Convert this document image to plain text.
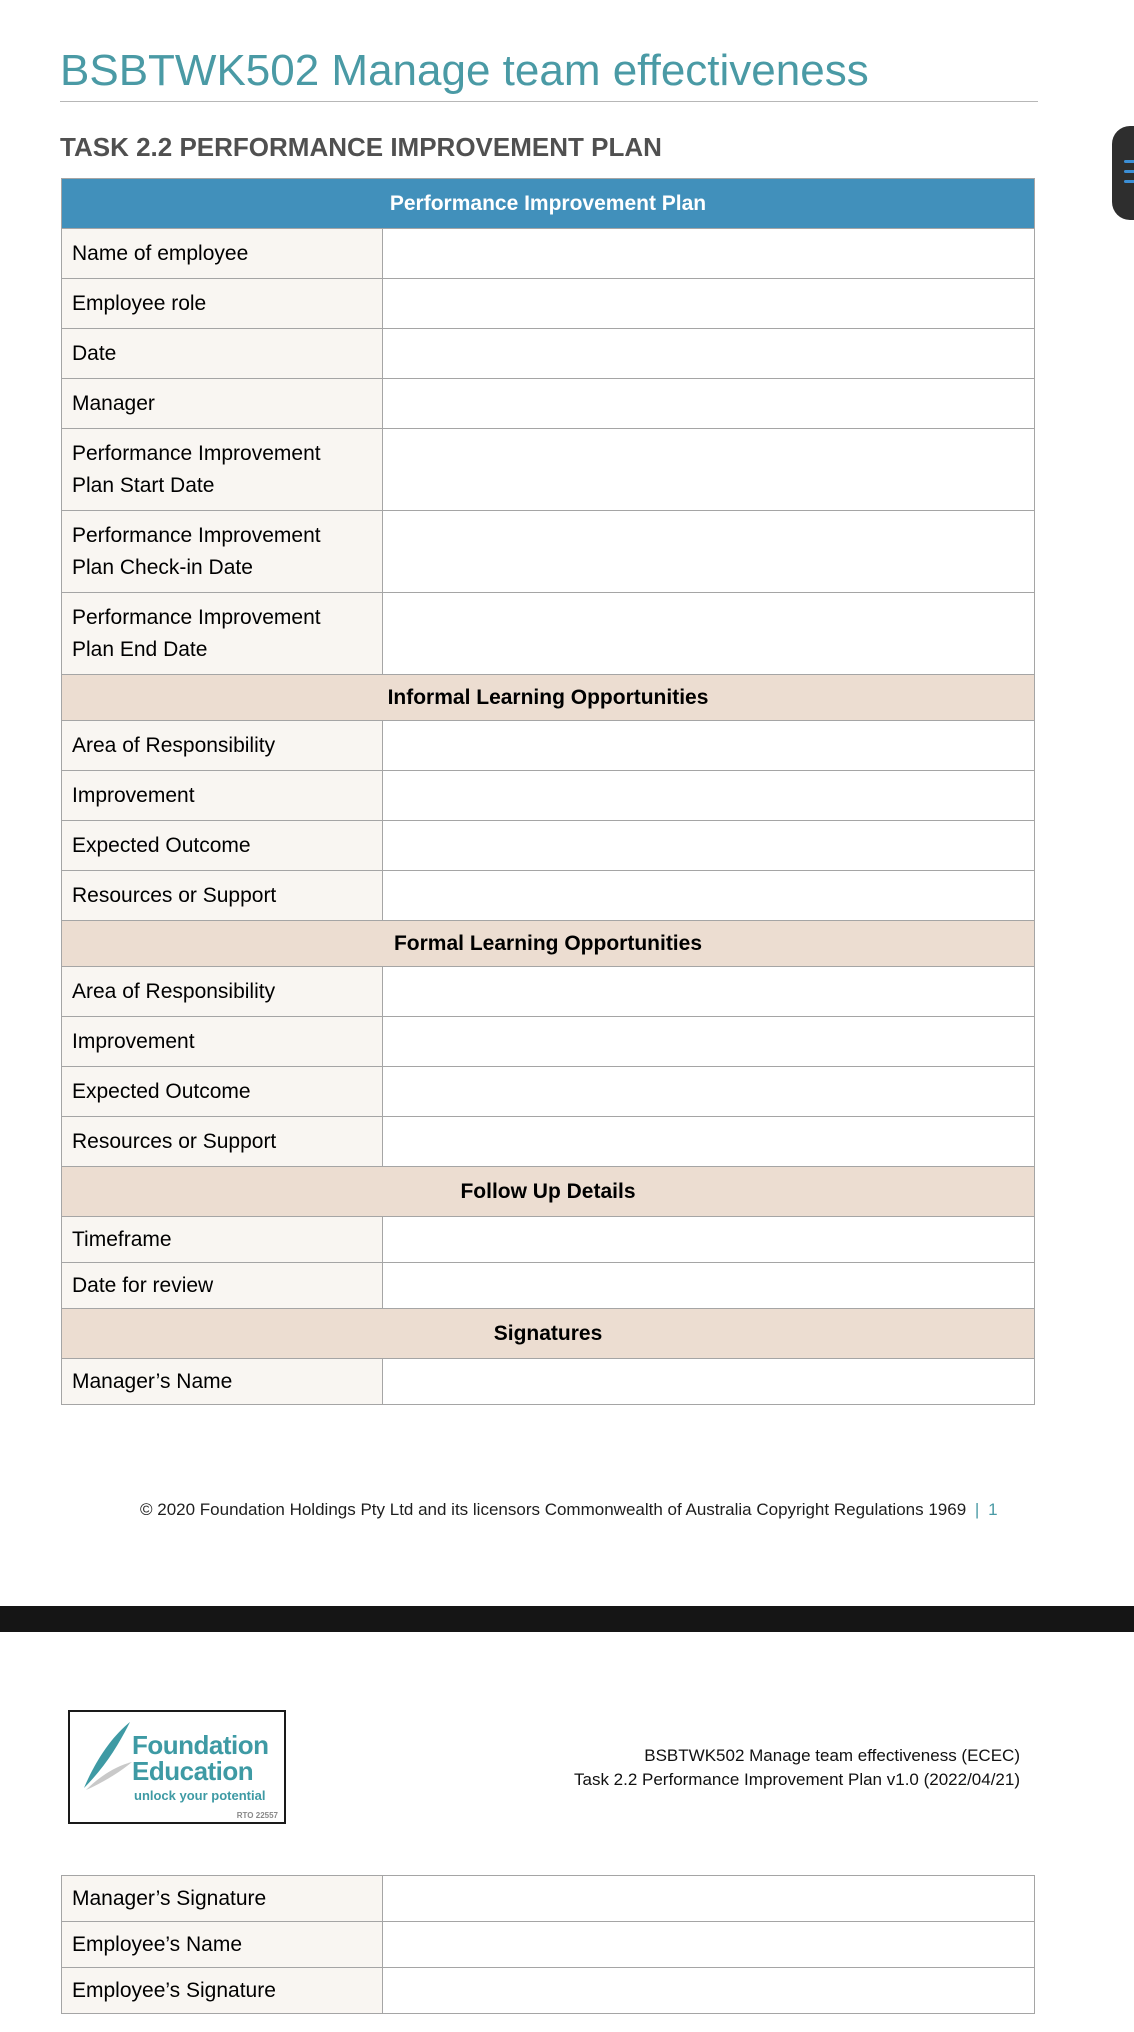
BSBTWK502 Manage team effectiveness
TASK 2.2 PERFORMANCE IMPROVEMENT PLAN
Performance Improvement Plan	
Name of employee	
Employee role	
Date	
Manager	

Performance Improvement
Plan Start Date	

Performance Improvement
Plan Check-in Date	

Performance Improvement
Plan End Date	

Informal Learning Opportunities	
Area of Responsibility	
Improvement	
Expected Outcome	
Resources or Support	
Formal Learning Opportunities	
Area of Responsibility	
Improvement	
Expected Outcome	
Resources or Support	
Follow Up Details	
Timeframe	
Date for review	
Signatures	
Manager’s Name	
© 2020 Foundation Holdings Pty Ltd and its licensors Commonwealth of Australia Copyright Regulations 1969 | 1
Foundation
Education
unlock your potential
RTO 22557
BSBTWK502 Manage team effectiveness (ECEC)
Task 2.2 Performance Improvement Plan v1.0 (2022/04/21)
Manager’s Signature	
Employee’s Name	
Employee’s Signature	
